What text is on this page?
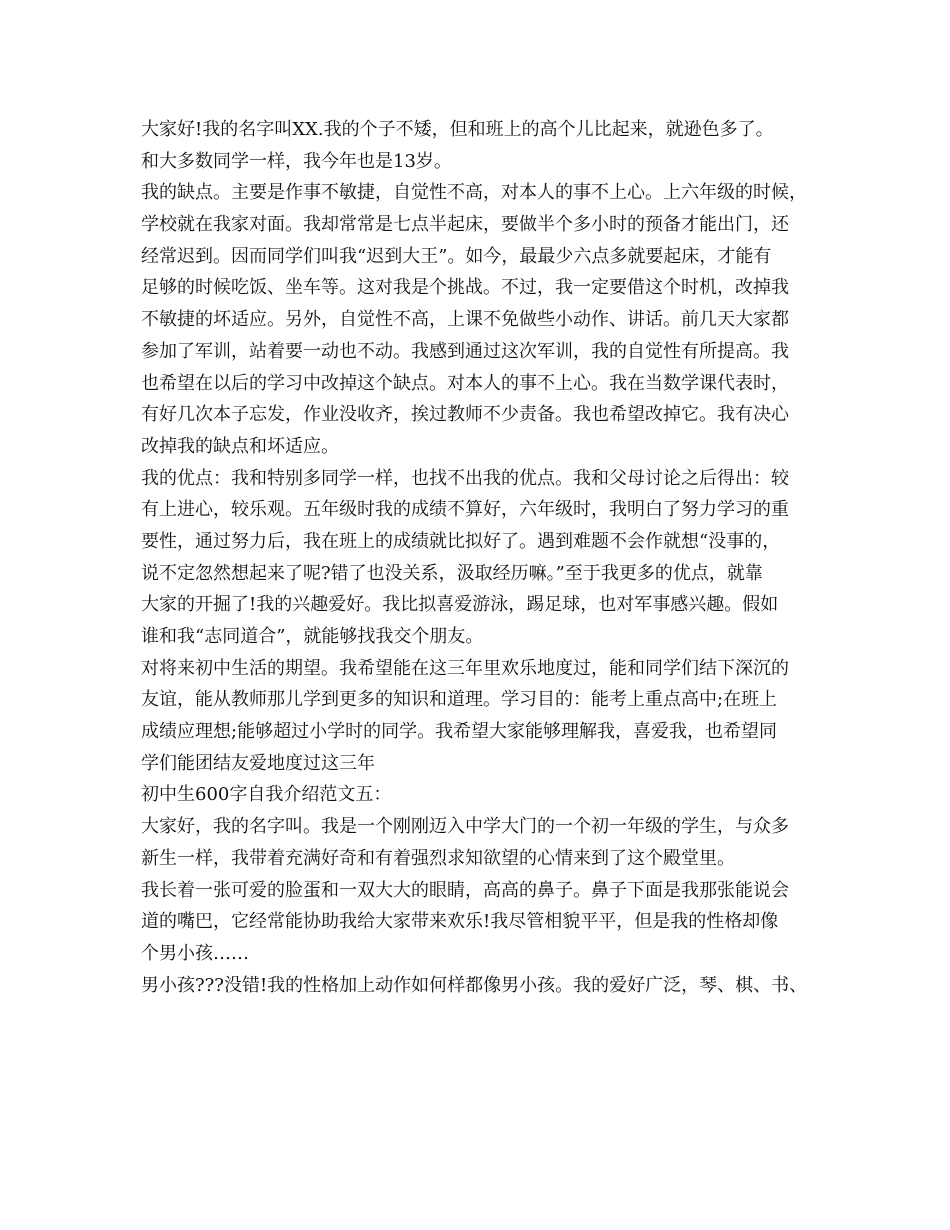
大家好!我的名字叫XX.我的个子不矮，但和班上的高个儿比起来，就逊色多了。
和大多数同学一样，我今年也是13岁。
我的缺点。主要是作事不敏捷，自觉性不高，对本人的事不上心。上六年级的时候，
学校就在我家对面。我却常常是七点半起床，要做半个多小时的预备才能出门，还
经常迟到。因而同学们叫我“迟到大王”。如今，最最少六点多就要起床，才能有
足够的时候吃饭、坐车等。这对我是个挑战。不过，我一定要借这个时机，改掉我
不敏捷的坏适应。另外，自觉性不高，上课不免做些小动作、讲话。前几天大家都
参加了军训，站着要一动也不动。我感到通过这次军训，我的自觉性有所提高。我
也希望在以后的学习中改掉这个缺点。对本人的事不上心。我在当数学课代表时，
有好几次本子忘发，作业没收齐，挨过教师不少责备。我也希望改掉它。我有决心
改掉我的缺点和坏适应。
我的优点：我和特别多同学一样，也找不出我的优点。我和父母讨论之后得出：较
有上进心，较乐观。五年级时我的成绩不算好，六年级时，我明白了努力学习的重
要性，通过努力后，我在班上的成绩就比拟好了。遇到难题不会作就想“没事的，
说不定忽然想起来了呢?错了也没关系，汲取经历嘛。”至于我更多的优点，就靠
大家的开掘了!我的兴趣爱好。我比拟喜爱游泳，踢足球，也对军事感兴趣。假如
谁和我“志同道合”，就能够找我交个朋友。
对将来初中生活的期望。我希望能在这三年里欢乐地度过，能和同学们结下深沉的
友谊，能从教师那儿学到更多的知识和道理。学习目的：能考上重点高中;在班上
成绩应理想;能够超过小学时的同学。我希望大家能够理解我，喜爱我，也希望同
学们能团结友爱地度过这三年
初中生600字自我介绍范文五：
大家好，我的名字叫。我是一个刚刚迈入中学大门的一个初一年级的学生，与众多
新生一样，我带着充满好奇和有着强烈求知欲望的心情来到了这个殿堂里。
我长着一张可爱的脸蛋和一双大大的眼睛，高高的鼻子。鼻子下面是我那张能说会
道的嘴巴，它经常能协助我给大家带来欢乐!我尽管相貌平平，但是我的性格却像
个男小孩……
男小孩???没错!我的性格加上动作如何样都像男小孩。我的爱好广泛，琴、棋、书、
